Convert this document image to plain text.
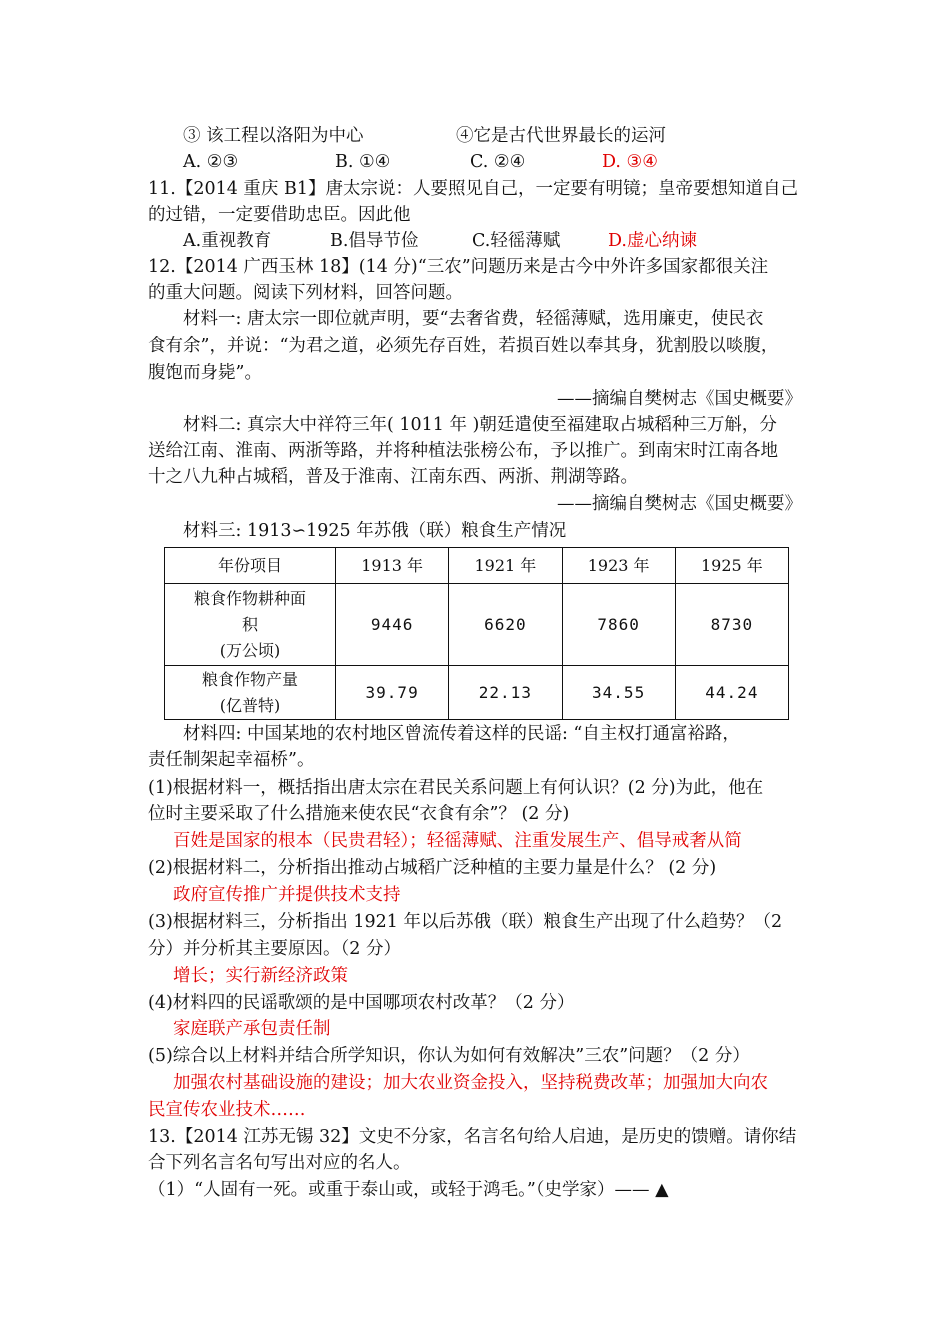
③ 该工程以洛阳为中心	④它是古代世界最长的运河
A. ②③	B. ①④	C. ②④	D. ③④
11.【2014 重庆 B1】唐太宗说：人要照见自己，一定要有明镜；皇帝要想知道自己
的过错，一定要借助忠臣。因此他
A.重视教育	B.倡导节俭	C.轻徭薄赋	D.虚心纳谏
12.【2014 广西玉林 18】(14 分)“三农”问题历来是古今中外许多国家都很关注
的重大问题。阅读下列材料，回答问题。
材料一: 唐太宗一即位就声明，要“去奢省费，轻徭薄赋，选用廉吏，使民衣
食有余”，并说：“为君之道，必须先存百姓，若损百姓以奉其身，犹割股以啖腹，
腹饱而身毙”。
——摘编自樊树志《国史概要》
材料二: 真宗大中祥符三年( 1011 年 )朝廷遣使至福建取占城稻种三万斛，分
送给江南、淮南、两浙等路，并将种植法张榜公布，予以推广。到南宋时江南各地
十之八九种占城稻，普及于淮南、江南东西、两浙、荆湖等路。
——摘编自樊树志《国史概要》
材料三: 1913∽1925 年苏俄（联）粮食生产情况
年份项目	1913 年	1921 年	1923 年	1925 年

粮食作物耕种面
积
(万公顷)	9446	6620	7860	8730

粮食作物产量
(亿普特)	39.79	22.13	34.55	44.24
材料四: 中国某地的农村地区曾流传着这样的民谣: “自主权打通富裕路，
责任制架起幸福桥”。
(1)根据材料一，概括指出唐太宗在君民关系问题上有何认识？(2 分)为此，他在
位时主要采取了什么措施来使农民“衣食有余”？ (2 分)
百姓是国家的根本（民贵君轻）；轻徭薄赋、注重发展生产、倡导戒奢从简
(2)根据材料二，分析指出推动占城稻广泛种植的主要力量是什么？ (2 分)
政府宣传推广并提供技术支持
(3)根据材料三，分析指出 1921 年以后苏俄（联）粮食生产出现了什么趋势？（2
分）并分析其主要原因。（2 分）
增长；实行新经济政策
(4)材料四的民谣歌颂的是中国哪项农村改革？（2 分）
家庭联产承包责任制
(5)综合以上材料并结合所学知识，你认为如何有效解决”三农”问题？（2 分）
加强农村基础设施的建设；加大农业资金投入，坚持税费改革；加强加大向农
民宣传农业技术……
13.【2014 江苏无锡 32】文史不分家，名言名句给人启迪，是历史的馈赠。请你结
合下列名言名句写出对应的名人。
（1）“人固有一死。或重于泰山或，或轻于鸿毛。”（史学家）—— ▲
